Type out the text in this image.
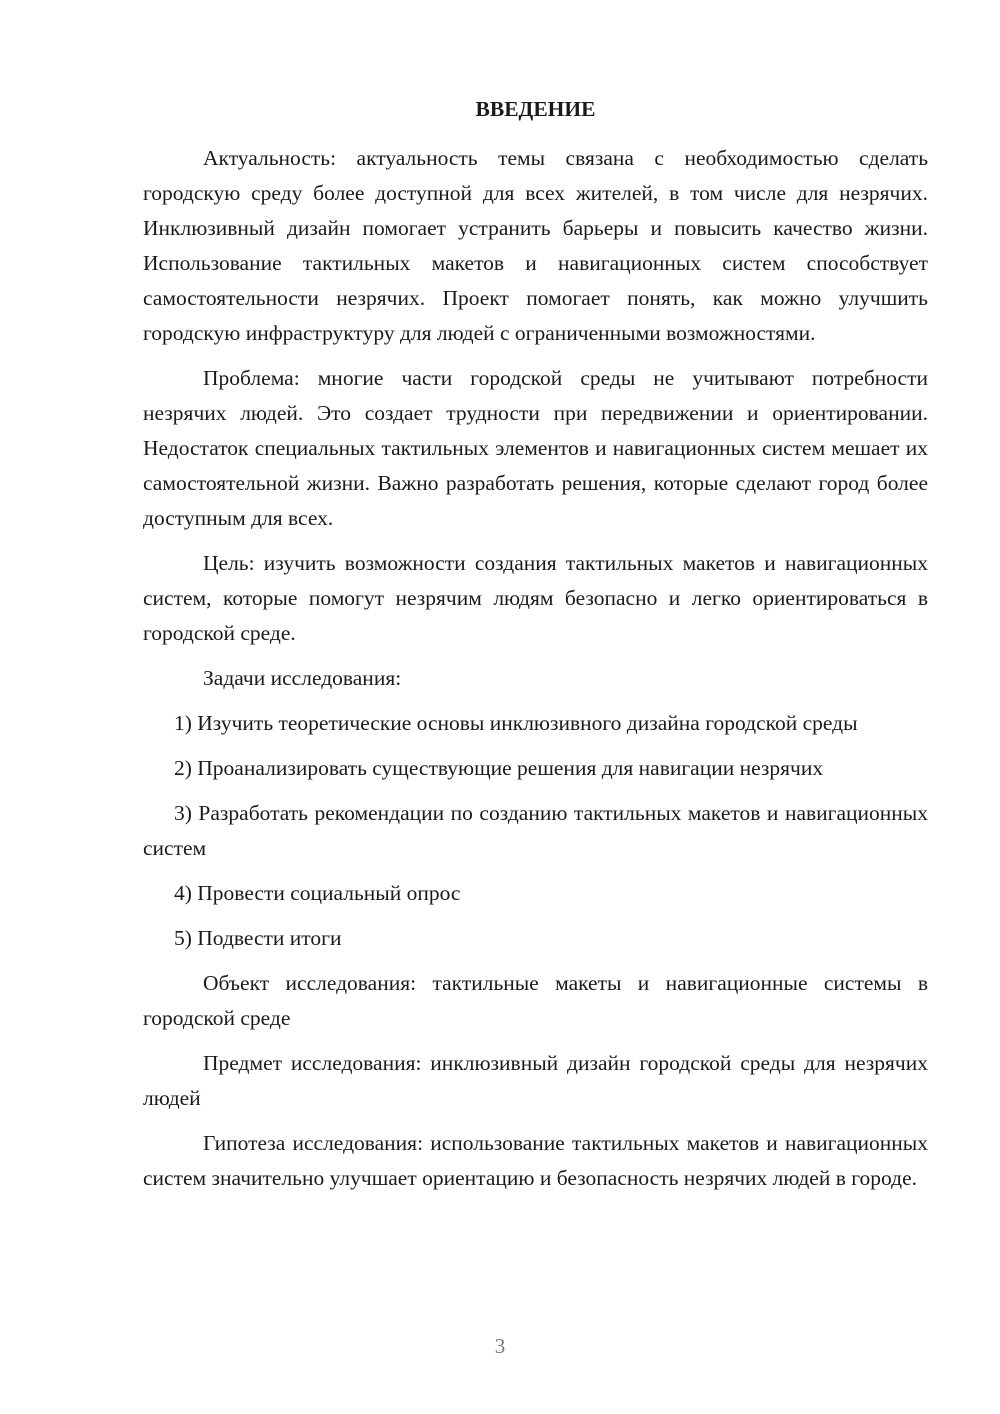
ВВЕДЕНИЕ

Актуальность: актуальность темы связана с необходимостью сделать городскую среду более доступной для всех жителей, в том числе для незрячих. Инклюзивный дизайн помогает устранить барьеры и повысить качество жизни. Использование тактильных макетов и навигационных систем способствует самостоятельности незрячих. Проект помогает понять, как можно улучшить городскую инфраструктуру для людей с ограниченными возможностями.

Проблема: многие части городской среды не учитывают потребности незрячих людей. Это создает трудности при передвижении и ориентировании. Недостаток специальных тактильных элементов и навигационных систем мешает их самостоятельной жизни. Важно разработать решения, которые сделают город более доступным для всех.

Цель: изучить возможности создания тактильных макетов и навигационных систем, которые помогут незрячим людям безопасно и легко ориентироваться в городской среде.

Задачи исследования:

1) Изучить теоретические основы инклюзивного дизайна городской среды

2) Проанализировать существующие решения для навигации незрячих

3) Разработать рекомендации по созданию тактильных макетов и навигационных систем

4) Провести социальный опрос

5) Подвести итоги

Объект исследования: тактильные макеты и навигационные системы в городской среде

Предмет исследования: инклюзивный дизайн городской среды для незрячих людей

Гипотеза исследования: использование тактильных макетов и навигационных систем значительно улучшает ориентацию и безопасность незрячих людей в городе.

3
